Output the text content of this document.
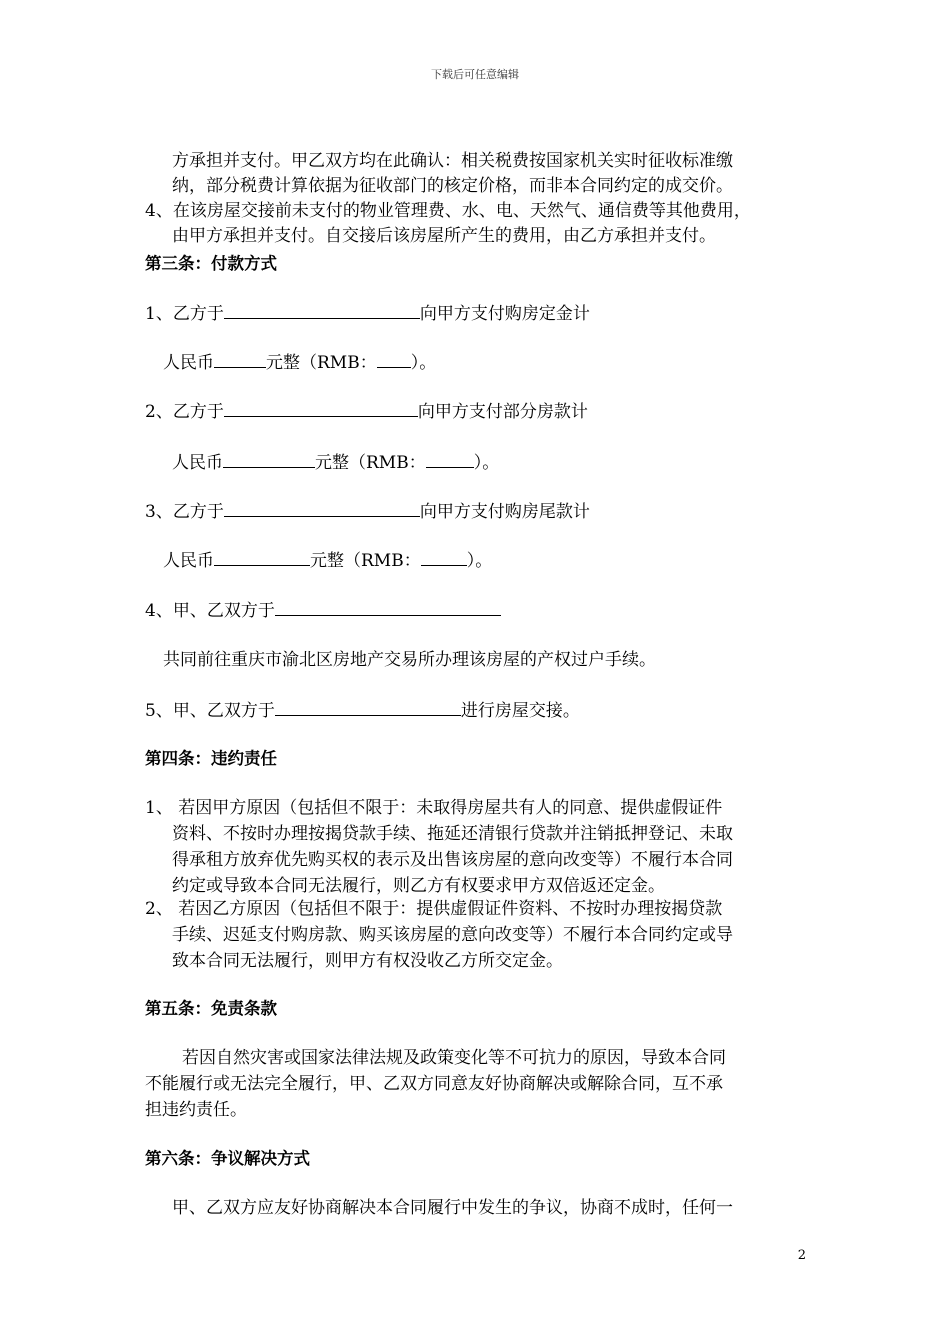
下载后可任意编辑
方承担并支付。甲乙双方均在此确认：相关税费按国家机关实时征收标准缴
纳，部分税费计算依据为征收部门的核定价格，而非本合同约定的成交价。
4、在该房屋交接前未支付的物业管理费、水、电、天然气、通信费等其他费用，
由甲方承担并支付。自交接后该房屋所产生的费用，由乙方承担并支付。
第三条：付款方式
1、乙方于	向甲方支付购房定金计
人民币	元整（RMB： ）。
2、乙方于	向甲方支付部分房款计
人民币	元整（RMB：	）。
3、乙方于	向甲方支付购房尾款计
人民币	元整（RMB：	）。
4、甲、乙双方于
共同前往重庆市渝北区房地产交易所办理该房屋的产权过户手续。
5、甲、乙双方于	进行房屋交接。
第四条：违约责任
1、 若因甲方原因（包括但不限于：未取得房屋共有人的同意、提供虚假证件
资料、不按时办理按揭贷款手续、拖延还清银行贷款并注销抵押登记、未取
得承租方放弃优先购买权的表示及出售该房屋的意向改变等）不履行本合同
约定或导致本合同无法履行，则乙方有权要求甲方双倍返还定金。
2、 若因乙方原因（包括但不限于：提供虚假证件资料、不按时办理按揭贷款
手续、迟延支付购房款、购买该房屋的意向改变等）不履行本合同约定或导
致本合同无法履行，则甲方有权没收乙方所交定金。
第五条：免责条款
若因自然灾害或国家法律法规及政策变化等不可抗力的原因，导致本合同
不能履行或无法完全履行，甲、乙双方同意友好协商解决或解除合同，互不承
担违约责任。
第六条：争议解决方式
甲、乙双方应友好协商解决本合同履行中发生的争议，协商不成时，任何一
2
